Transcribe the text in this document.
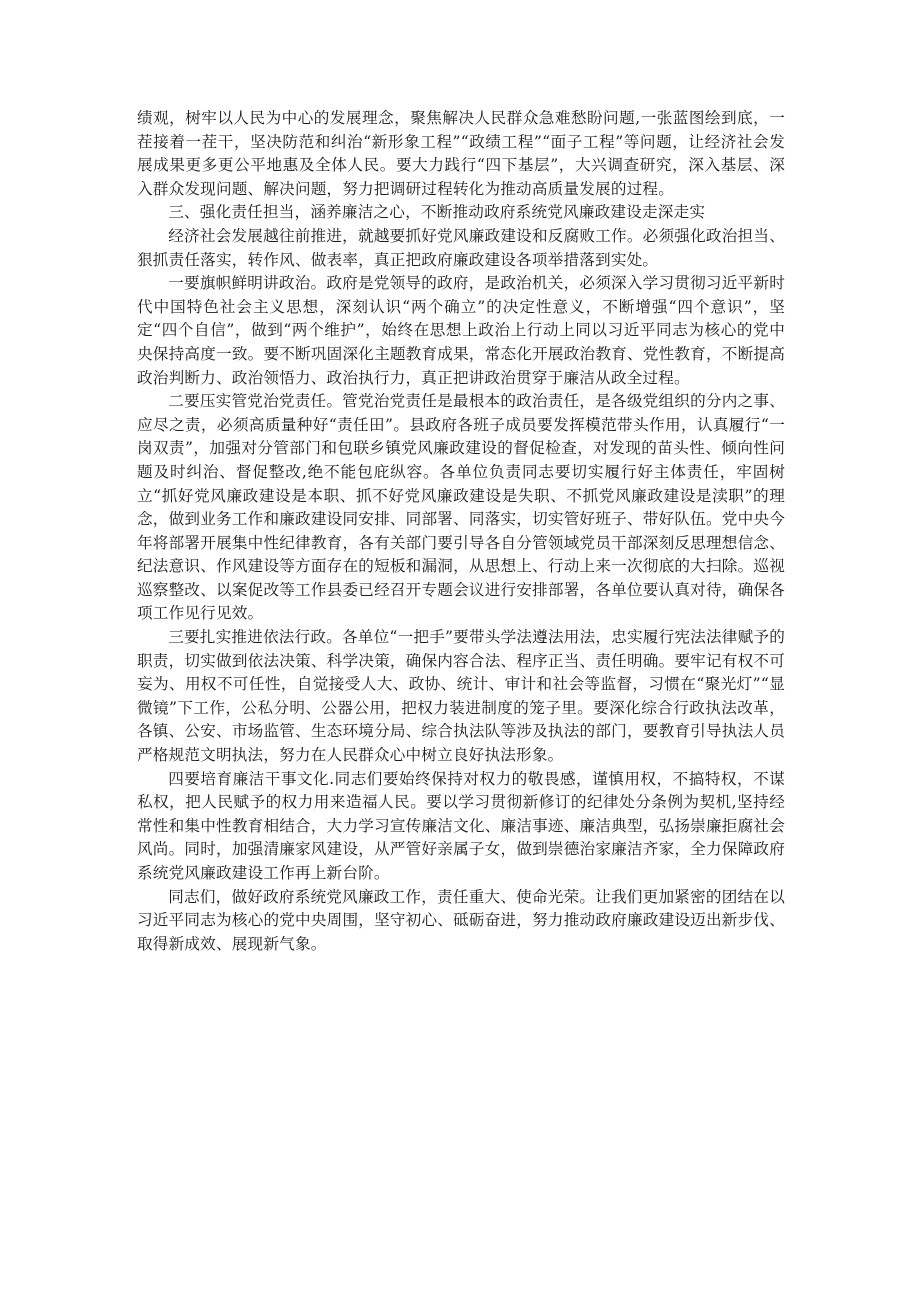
绩观，树牢以人民为中心的发展理念，聚焦解决人民群众急难愁盼问题,一张蓝图绘到底，一茬接着一茬干，坚决防范和纠治“新形象工程”“政绩工程”“面子工程”等问题，让经济社会发展成果更多更公平地惠及全体人民。要大力践行“四下基层”，大兴调查研究，深入基层、深入群众发现问题、解决问题，努力把调研过程转化为推动高质量发展的过程。

三、强化责任担当，涵养廉洁之心，不断推动政府系统党风廉政建设走深走实

经济社会发展越往前推进，就越要抓好党风廉政建设和反腐败工作。必须强化政治担当、狠抓责任落实，转作风、做表率，真正把政府廉政建设各项举措落到实处。

一要旗帜鲜明讲政治。政府是党领导的政府，是政治机关，必须深入学习贯彻习近平新时代中国特色社会主义思想，深刻认识“两个确立”的决定性意义，不断增强“四个意识”，坚定“四个自信”，做到“两个维护”，始终在思想上政治上行动上同以习近平同志为核心的党中央保持高度一致。要不断巩固深化主题教育成果，常态化开展政治教育、党性教育，不断提高政治判断力、政治领悟力、政治执行力，真正把讲政治贯穿于廉洁从政全过程。

二要压实管党治党责任。管党治党责任是最根本的政治责任，是各级党组织的分内之事、应尽之责，必须高质量种好“责任田”。县政府各班子成员要发挥模范带头作用，认真履行“一岗双责”，加强对分管部门和包联乡镇党风廉政建设的督促检查，对发现的苗头性、倾向性问题及时纠治、督促整改,绝不能包庇纵容。各单位负责同志要切实履行好主体责任，牢固树立“抓好党风廉政建设是本职、抓不好党风廉政建设是失职、不抓党风廉政建设是渎职”的理念，做到业务工作和廉政建设同安排、同部署、同落实，切实管好班子、带好队伍。党中央今年将部署开展集中性纪律教育，各有关部门要引导各自分管领域党员干部深刻反思理想信念、纪法意识、作风建设等方面存在的短板和漏洞，从思想上、行动上来一次彻底的大扫除。巡视巡察整改、以案促改等工作县委已经召开专题会议进行安排部署，各单位要认真对待，确保各项工作见行见效。

三要扎实推进依法行政。各单位“一把手”要带头学法遵法用法，忠实履行宪法法律赋予的职责，切实做到依法决策、科学决策，确保内容合法、程序正当、责任明确。要牢记有权不可妄为、用权不可任性，自觉接受人大、政协、统计、审计和社会等监督，习惯在“聚光灯”“显微镜”下工作，公私分明、公器公用，把权力装进制度的笼子里。要深化综合行政执法改革，各镇、公安、市场监管、生态环境分局、综合执法队等涉及执法的部门，要教育引导执法人员严格规范文明执法，努力在人民群众心中树立良好执法形象。

四要培育廉洁干事文化.同志们要始终保持对权力的敬畏感，谨慎用权，不搞特权，不谋私权，把人民赋予的权力用来造福人民。要以学习贯彻新修订的纪律处分条例为契机,坚持经常性和集中性教育相结合，大力学习宣传廉洁文化、廉洁事迹、廉洁典型，弘扬崇廉拒腐社会风尚。同时，加强清廉家风建设，从严管好亲属子女，做到崇德治家廉洁齐家，全力保障政府系统党风廉政建设工作再上新台阶。

同志们，做好政府系统党风廉政工作，责任重大、使命光荣。让我们更加紧密的团结在以习近平同志为核心的党中央周围，坚守初心、砥砺奋进，努力推动政府廉政建设迈出新步伐、取得新成效、展现新气象。
